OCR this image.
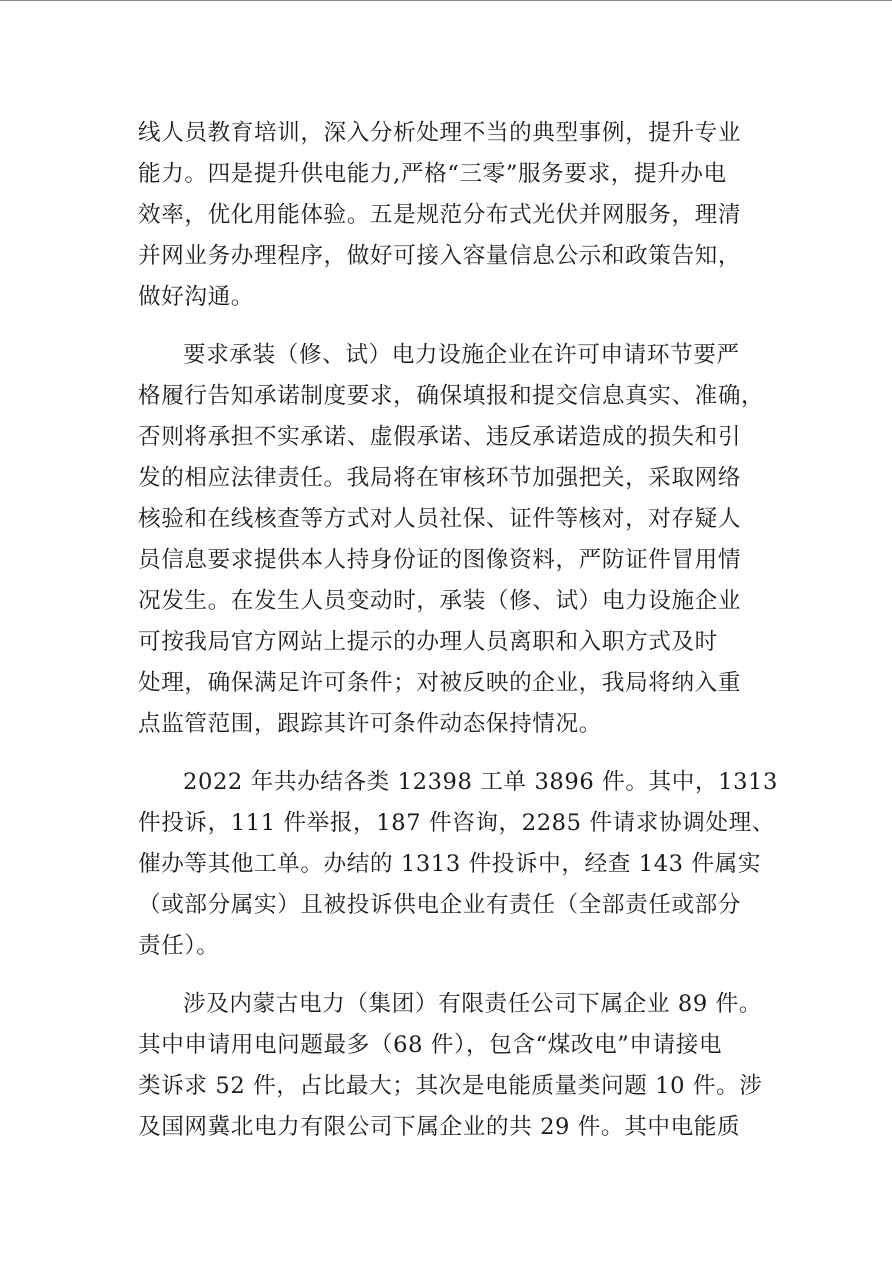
线人员教育培训，深入分析处理不当的典型事例，提升专业
能力。四是提升供电能力,严格“三零”服务要求，提升办电
效率，优化用能体验。五是规范分布式光伏并网服务，理清
并网业务办理程序，做好可接入容量信息公示和政策告知，
做好沟通。
要求承装（修、试）电力设施企业在许可申请环节要严
格履行告知承诺制度要求，确保填报和提交信息真实、准确，
否则将承担不实承诺、虚假承诺、违反承诺造成的损失和引
发的相应法律责任。我局将在审核环节加强把关，采取网络
核验和在线核查等方式对人员社保、证件等核对，对存疑人
员信息要求提供本人持身份证的图像资料，严防证件冒用情
况发生。在发生人员变动时，承装（修、试）电力设施企业
可按我局官方网站上提示的办理人员离职和入职方式及时
处理，确保满足许可条件；对被反映的企业，我局将纳入重
点监管范围，跟踪其许可条件动态保持情况。
2022 年共办结各类 12398 工单 3896 件。其中，1313
件投诉，111 件举报，187 件咨询，2285 件请求协调处理、
催办等其他工单。办结的 1313 件投诉中，经查 143 件属实
（或部分属实）且被投诉供电企业有责任（全部责任或部分
责任）。
涉及内蒙古电力（集团）有限责任公司下属企业 89 件。
其中申请用电问题最多（68 件），包含“煤改电”申请接电
类诉求 52 件，占比最大；其次是电能质量类问题 10 件。涉
及国网冀北电力有限公司下属企业的共 29 件。其中电能质
